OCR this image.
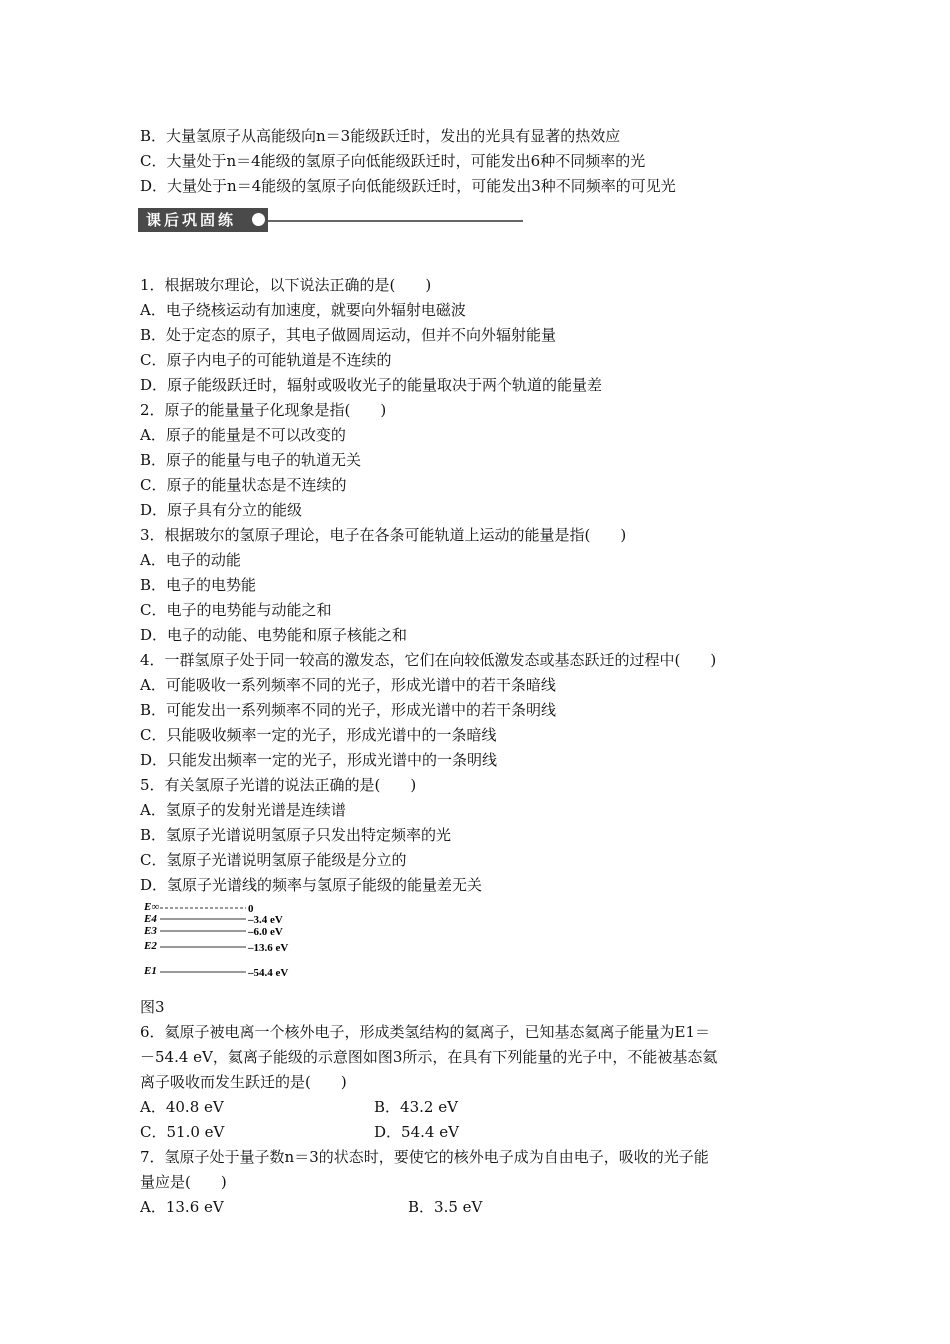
B．大量氢原子从高能级向n＝3能级跃迁时，发出的光具有显著的热效应
C．大量处于n＝4能级的氢原子向低能级跃迁时，可能发出6种不同频率的光
D．大量处于n＝4能级的氢原子向低能级跃迁时，可能发出3种不同频率的可见光
课后巩固练
1．根据玻尔理论，以下说法正确的是(　　)
A．电子绕核运动有加速度，就要向外辐射电磁波
B．处于定态的原子，其电子做圆周运动，但并不向外辐射能量
C．原子内电子的可能轨道是不连续的
D．原子能级跃迁时，辐射或吸收光子的能量取决于两个轨道的能量差
2．原子的能量量子化现象是指(　　)
A．原子的能量是不可以改变的
B．原子的能量与电子的轨道无关
C．原子的能量状态是不连续的
D．原子具有分立的能级
3．根据玻尔的氢原子理论，电子在各条可能轨道上运动的能量是指(　　)
A．电子的动能
B．电子的电势能
C．电子的电势能与动能之和
D．电子的动能、电势能和原子核能之和
4．一群氢原子处于同一较高的激发态，它们在向较低激发态或基态跃迁的过程中(　　)
A．可能吸收一系列频率不同的光子，形成光谱中的若干条暗线
B．可能发出一系列频率不同的光子，形成光谱中的若干条明线
C．只能吸收频率一定的光子，形成光谱中的一条暗线
D．只能发出频率一定的光子，形成光谱中的一条明线
5．有关氢原子光谱的说法正确的是(　　)
A．氢原子的发射光谱是连续谱
B．氢原子光谱说明氢原子只发出特定频率的光
C．氢原子光谱说明氢原子能级是分立的
D．氢原子光谱线的频率与氢原子能级的能量差无关
E∞	0
E4	–3.4 eV
E3	–6.0 eV
E2	–13.6 eV
E1	–54.4 eV
图3
6．氦原子被电离一个核外电子，形成类氢结构的氦离子，已知基态氦离子能量为E1＝
－54.4 eV，氦离子能级的示意图如图3所示，在具有下列能量的光子中，不能被基态氦
离子吸收而发生跃迁的是(　　)
A．40.8 eV	B．43.2 eV
C．51.0 eV	D．54.4 eV
7．氢原子处于量子数n＝3的状态时，要使它的核外电子成为自由电子，吸收的光子能
量应是(　　)
A．13.6 eV	B．3.5 eV
